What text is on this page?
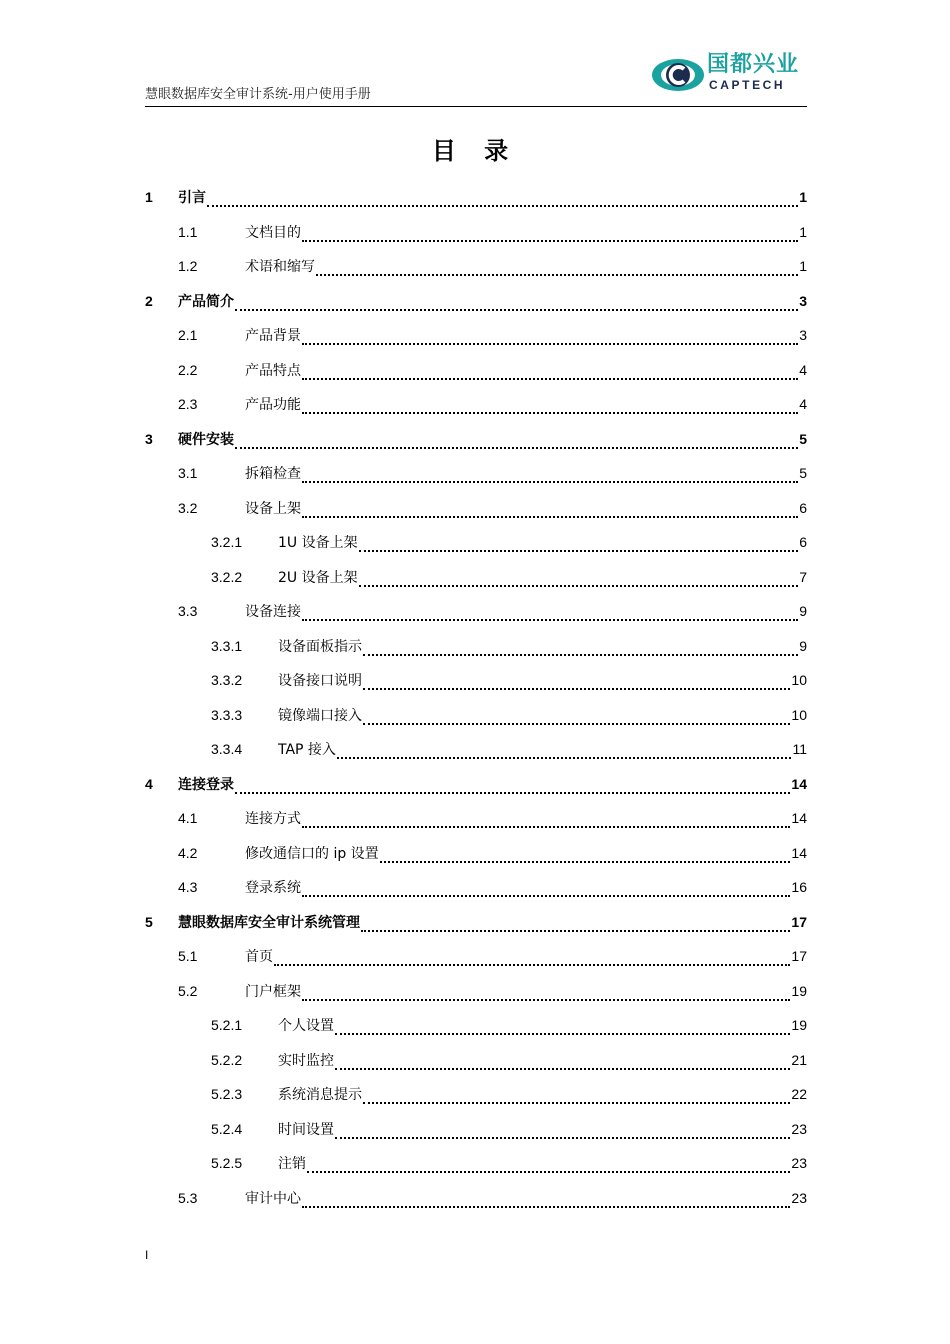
慧眼数据库安全审计系统-用户使用手册
国都兴业
CAPTECH
目 录
1	引言	1
1.1	文档目的	1
1.2	术语和缩写	1
2	产品简介	3
2.1	产品背景	3
2.2	产品特点	4
2.3	产品功能	4
3	硬件安装	5
3.1	拆箱检查	5
3.2	设备上架	6
3.2.1	1U 设备上架	6
3.2.2	2U 设备上架	7
3.3	设备连接	9
3.3.1	设备面板指示	9
3.3.2	设备接口说明	10
3.3.3	镜像端口接入	10
3.3.4	TAP 接入	11
4	连接登录	14
4.1	连接方式	14
4.2	修改通信口的 ip 设置	14
4.3	登录系统	16
5	慧眼数据库安全审计系统管理	17
5.1	首页	17
5.2	门户框架	19
5.2.1	个人设置	19
5.2.2	实时监控	21
5.2.3	系统消息提示	22
5.2.4	时间设置	23
5.2.5	注销	23
5.3	审计中心	23
I
